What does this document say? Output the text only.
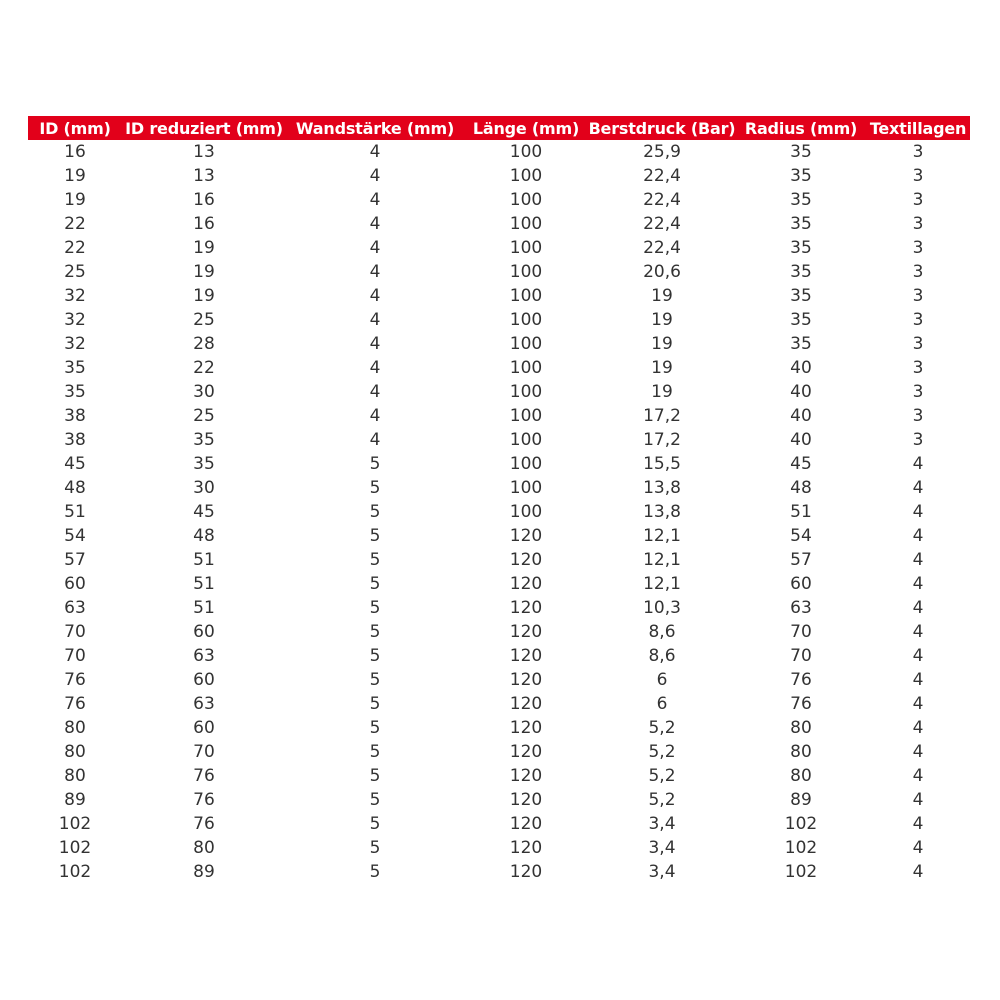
ID (mm)	ID reduziert (mm)	Wandstärke (mm)	Länge (mm)	Berstdruck (Bar)	Radius (mm)	Textillagen
16	13	4	100	25,9	35	3
19	13	4	100	22,4	35	3
19	16	4	100	22,4	35	3
22	16	4	100	22,4	35	3
22	19	4	100	22,4	35	3
25	19	4	100	20,6	35	3
32	19	4	100	19	35	3
32	25	4	100	19	35	3
32	28	4	100	19	35	3
35	22	4	100	19	40	3
35	30	4	100	19	40	3
38	25	4	100	17,2	40	3
38	35	4	100	17,2	40	3
45	35	5	100	15,5	45	4
48	30	5	100	13,8	48	4
51	45	5	100	13,8	51	4
54	48	5	120	12,1	54	4
57	51	5	120	12,1	57	4
60	51	5	120	12,1	60	4
63	51	5	120	10,3	63	4
70	60	5	120	8,6	70	4
70	63	5	120	8,6	70	4
76	60	5	120	6	76	4
76	63	5	120	6	76	4
80	60	5	120	5,2	80	4
80	70	5	120	5,2	80	4
80	76	5	120	5,2	80	4
89	76	5	120	5,2	89	4
102	76	5	120	3,4	102	4
102	80	5	120	3,4	102	4
102	89	5	120	3,4	102	4
